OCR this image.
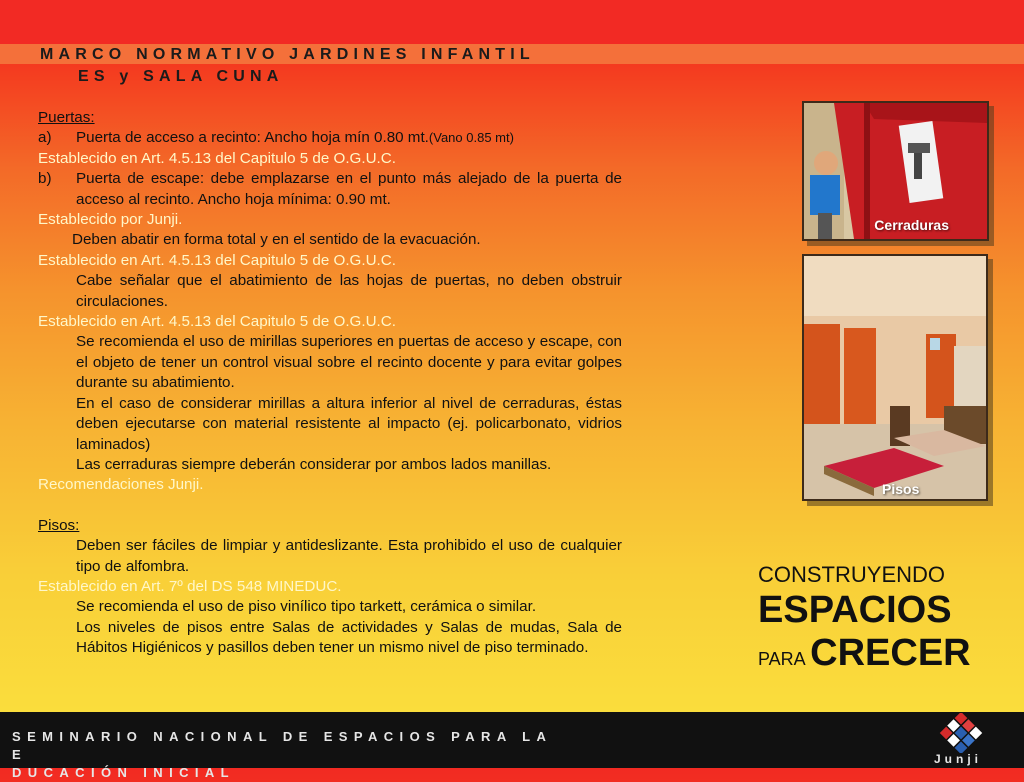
MARCO NORMATIVO JARDINES INFANTIL
ES y SALA CUNA

Puertas:

a) Puerta de acceso a recinto: Ancho hoja mín 0.80 mt.(Vano 0.85 mt)

Establecido en Art. 4.5.13 del Capitulo 5 de O.G.U.C.

b) Puerta de escape: debe emplazarse en el punto más alejado de la puerta de acceso al recinto. Ancho hoja mínima: 0.90 mt.

Establecido por Junji.

Deben abatir en forma total y en el sentido de la evacuación.

Establecido en Art. 4.5.13 del Capitulo 5 de O.G.U.C.

Cabe señalar que el abatimiento de las hojas de puertas, no deben obstruir circulaciones.

Establecido en Art. 4.5.13 del Capitulo 5 de O.G.U.C.

Se recomienda el uso de mirillas superiores en puertas de acceso y escape, con el objeto de tener un control visual sobre el recinto docente y para evitar golpes durante su abatimiento.

En el caso de considerar mirillas a altura inferior al nivel de cerraduras, éstas deben ejecutarse con material resistente al impacto (ej. policarbonato, vidrios laminados)

Las cerraduras siempre deberán considerar por ambos lados manillas.

Recomendaciones Junji.

Pisos:

Deben ser fáciles de limpiar y antideslizante. Esta prohibido el uso de cualquier tipo de alfombra.

Establecido en Art. 7º del DS 548 MINEDUC.

Se recomienda el uso de piso vinílico tipo tarkett, cerámica o similar.

Los niveles de pisos entre Salas de actividades y Salas de mudas, Sala de Hábitos Higiénicos y pasillos deben tener un mismo nivel de piso terminado.

Cerraduras
Pisos
CONSTRUYENDO
ESPACIOS
PARA CRECER
SEMINARIO NACIONAL DE ESPACIOS PARA LA E
DUCACIÓN INICIAL
Junji
